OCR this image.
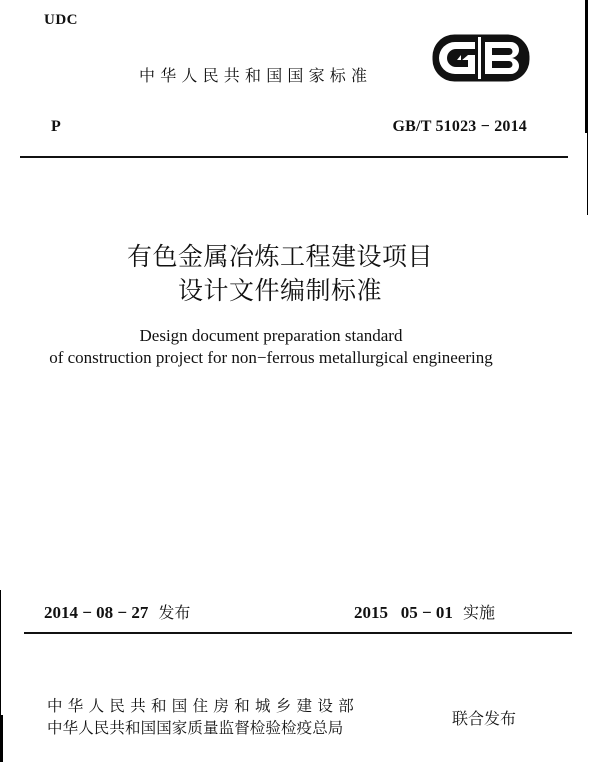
UDC
中华人民共和国国家标准
P	GB/T 51023 − 2014
有色金属冶炼工程建设项目
设计文件编制标准
Design document preparation standard
of construction project for non−ferrous metallurgical engineering
2014 − 08 − 27 发布	2015   05 − 01 实施
中华人民共和国住房和城乡建设部
中华人民共和国国家质量监督检验检疫总局	联合发布
